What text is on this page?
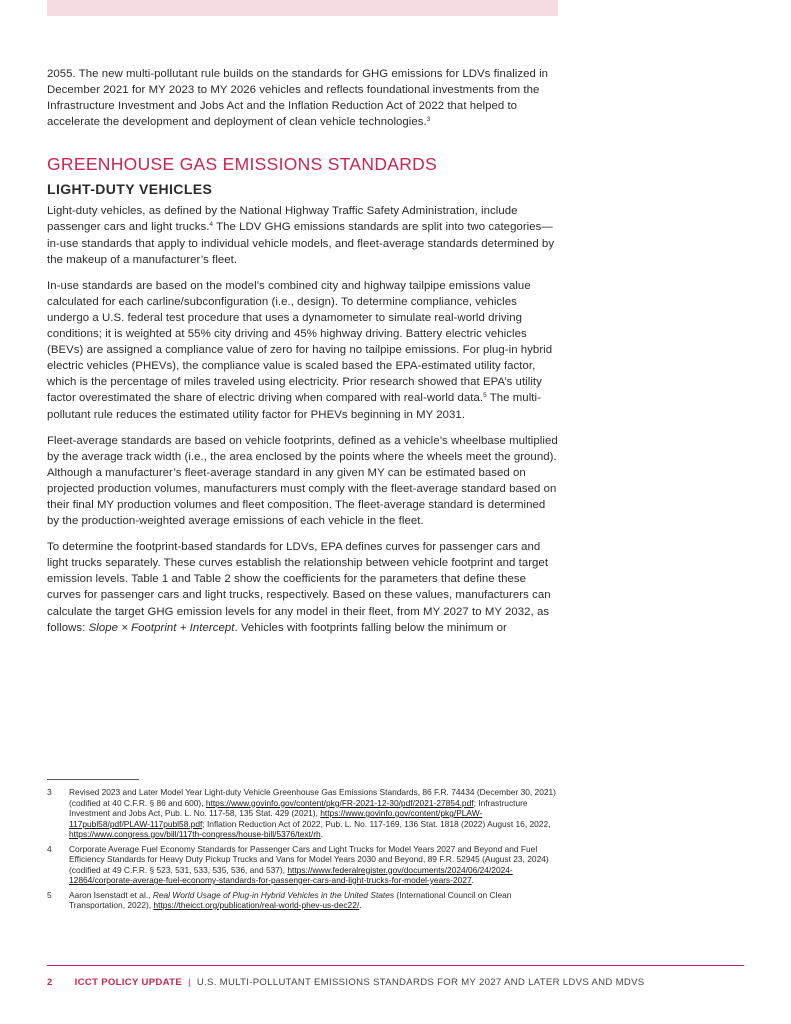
2055. The new multi-pollutant rule builds on the standards for GHG emissions for LDVs finalized in December 2021 for MY 2023 to MY 2026 vehicles and reflects foundational investments from the Infrastructure Investment and Jobs Act and the Inflation Reduction Act of 2022 that helped to accelerate the development and deployment of clean vehicle technologies.$^3$

GREENHOUSE GAS EMISSIONS STANDARDS
LIGHT-DUTY VEHICLES

Light-duty vehicles, as defined by the National Highway Traffic Safety Administration, include passenger cars and light trucks.$^4$ The LDV GHG emissions standards are split into two categories—in-use standards that apply to individual vehicle models, and fleet-average standards determined by the makeup of a manufacturer’s fleet.

In-use standards are based on the model’s combined city and highway tailpipe emissions value calculated for each carline/subconfiguration (i.e., design). To determine compliance, vehicles undergo a U.S. federal test procedure that uses a dynamometer to simulate real-world driving conditions; it is weighted at 55% city driving and 45% highway driving. Battery electric vehicles (BEVs) are assigned a compliance value of zero for having no tailpipe emissions. For plug-in hybrid electric vehicles (PHEVs), the compliance value is scaled based the EPA-estimated utility factor, which is the percentage of miles traveled using electricity. Prior research showed that EPA’s utility factor overestimated the share of electric driving when compared with real-world data.$^5$ The multi-pollutant rule reduces the estimated utility factor for PHEVs beginning in MY 2031.

Fleet-average standards are based on vehicle footprints, defined as a vehicle’s wheelbase multiplied by the average track width (i.e., the area enclosed by the points where the wheels meet the ground). Although a manufacturer’s fleet-average standard in any given MY can be estimated based on projected production volumes, manufacturers must comply with the fleet-average standard based on their final MY production volumes and fleet composition. The fleet-average standard is determined by the production-weighted average emissions of each vehicle in the fleet.

To determine the footprint-based standards for LDVs, EPA defines curves for passenger cars and light trucks separately. These curves establish the relationship between vehicle footprint and target emission levels. Table 1 and Table 2 show the coefficients for the parameters that define these curves for passenger cars and light trucks, respectively. Based on these values, manufacturers can calculate the target GHG emission levels for any model in their fleet, from MY 2027 to MY 2032, as follows: Slope × Footprint + Intercept. Vehicles with footprints falling below the minimum or

3	Revised 2023 and Later Model Year Light-duty Vehicle Greenhouse Gas Emissions Standards, 86 F.R. 74434 (December 30, 2021) (codified at 40 C.F.R. § 86 and 600), https://www.govinfo.gov/content/pkg/FR-2021-12-30/pdf/2021-27854.pdf; Infrastructure Investment and Jobs Act, Pub. L. No. 117-58, 135 Stat. 429 (2021), https://www.govinfo.gov/content/pkg/PLAW-117publ58/pdf/PLAW-117publ58.pdf; Inflation Reduction Act of 2022, Pub. L. No. 117-169, 136 Stat. 1818 (2022) August 16, 2022, https://www.congress.gov/bill/117th-congress/house-bill/5376/text/rh.
4	Corporate Average Fuel Economy Standards for Passenger Cars and Light Trucks for Model Years 2027 and Beyond and Fuel Efficiency Standards for Heavy Duty Pickup Trucks and Vans for Model Years 2030 and Beyond, 89 F.R. 52945 (August 23, 2024) (codified at 49 C.F.R. § 523, 531, 533, 535, 536, and 537), https://www.federalregister.gov/documents/2024/06/24/2024-12864/corporate-average-fuel-economy-standards-for-passenger-cars-and-light-trucks-for-model-years-2027.
5	Aaron Isenstadt et al., Real World Usage of Plug-in Hybrid Vehicles in the United States (International Council on Clean Transportation, 2022), https://theicct.org/publication/real-world-phev-us-dec22/.
2 ICCT POLICY UPDATE | U.S. MULTI-POLLUTANT EMISSIONS STANDARDS FOR MY 2027 AND LATER LDVS AND MDVS
